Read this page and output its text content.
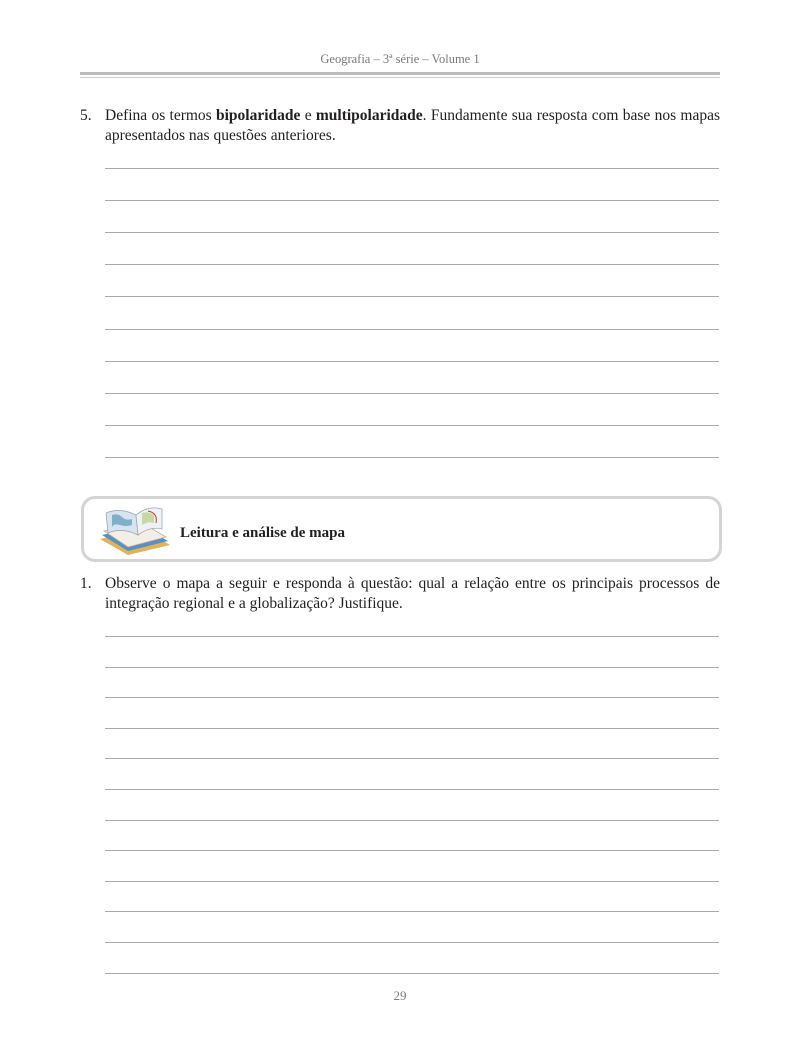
Geografia – 3ª série – Volume 1
5. Defina os termos bipolaridade e multipolaridade. Fundamente sua resposta com base nos mapas apresentados nas questões anteriores.
Leitura e análise de mapa
1. Observe o mapa a seguir e responda à questão: qual a relação entre os principais processos de integração regional e a globalização? Justifique.
29
